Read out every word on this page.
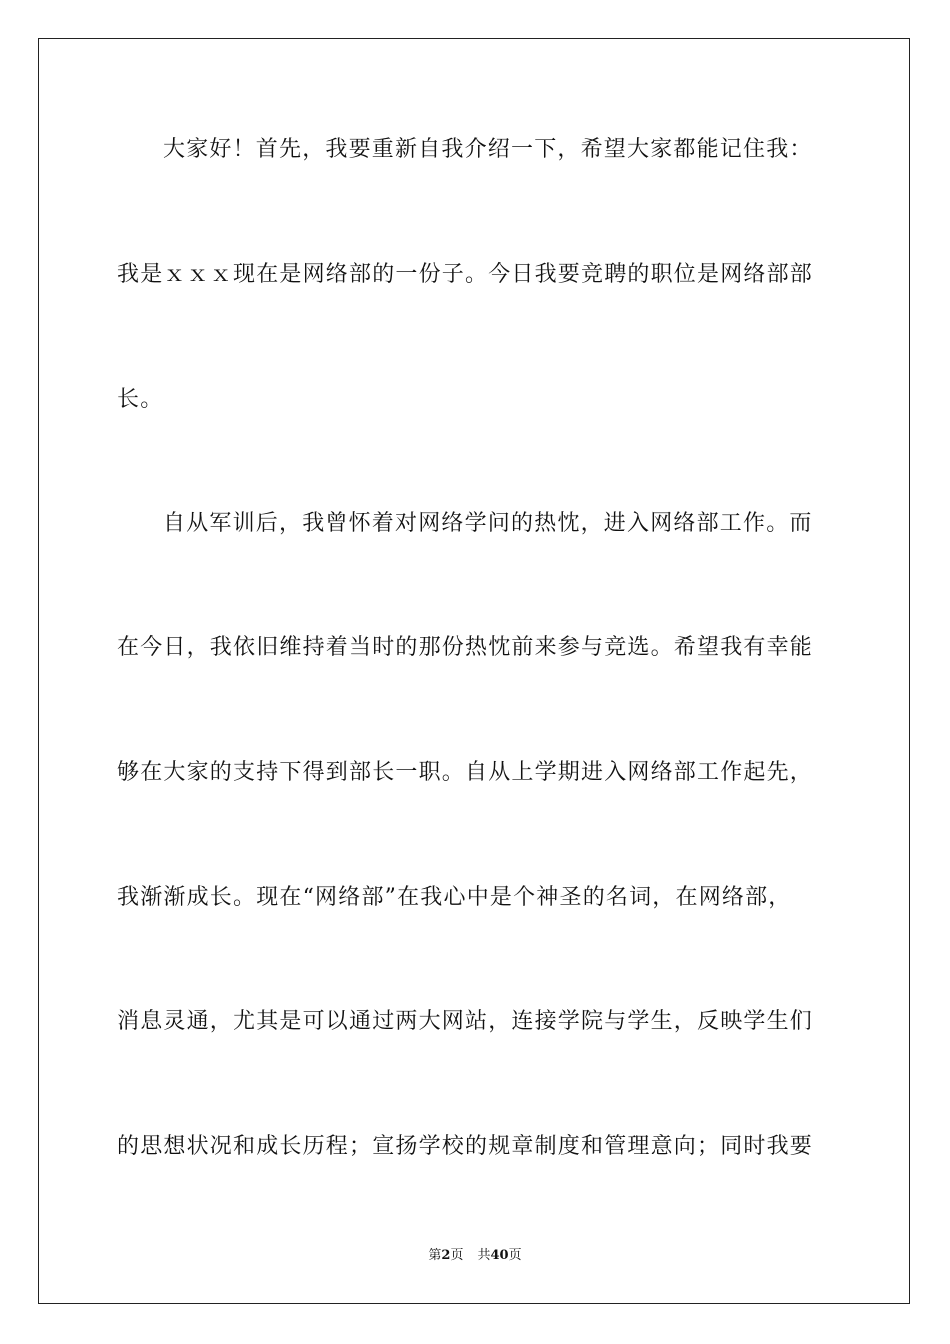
大家好！首先，我要重新自我介绍一下，希望大家都能记住我：
我是ｘｘｘ现在是网络部的一份子。今日我要竞聘的职位是网络部部
长。
自从军训后，我曾怀着对网络学问的热忱，进入网络部工作。而
在今日，我依旧维持着当时的那份热忱前来参与竞选。希望我有幸能
够在大家的支持下得到部长一职。自从上学期进入网络部工作起先，
我渐渐成长。现在“网络部”在我心中是个神圣的名词，在网络部，
消息灵通，尤其是可以通过两大网站，连接学院与学生，反映学生们
的思想状况和成长历程；宣扬学校的规章制度和管理意向；同时我要
第2页 共40页
